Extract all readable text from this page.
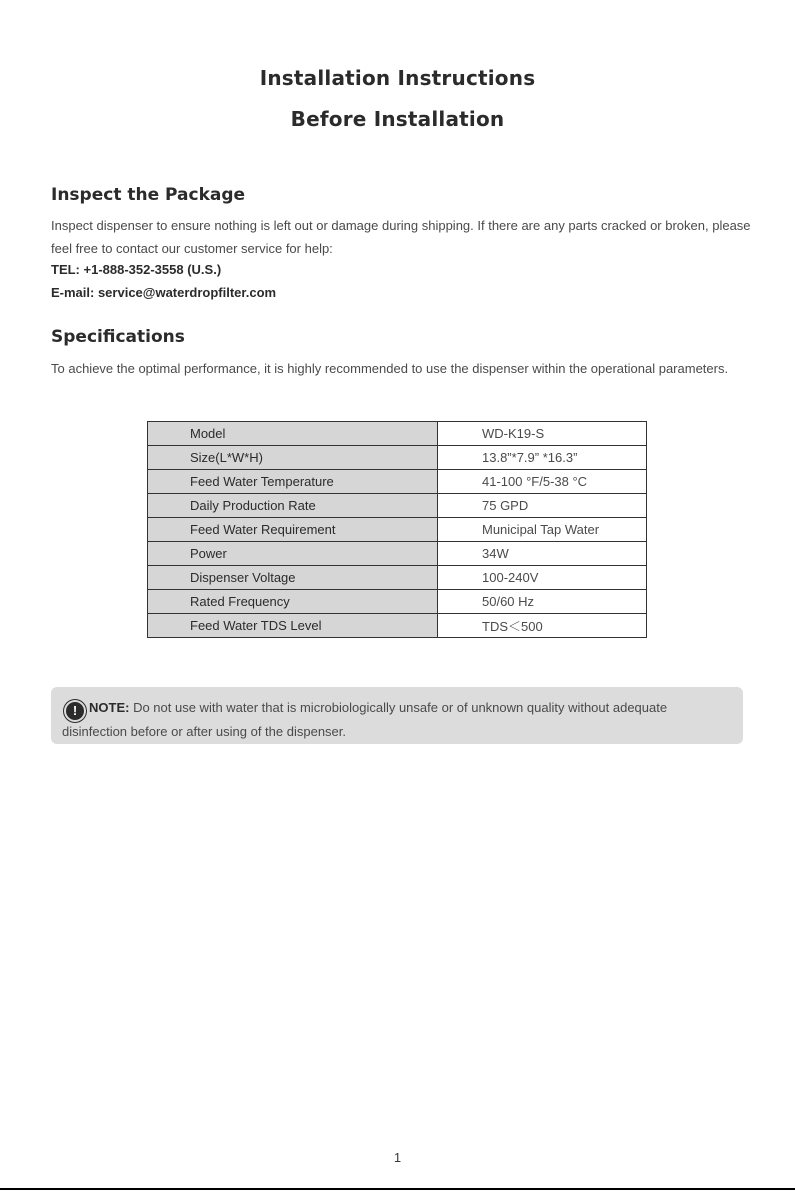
Installation Instructions
Before Installation
Inspect the Package
Inspect dispenser to ensure nothing is left out or damage during shipping. If there are any parts cracked or broken, please feel free to contact our customer service for help:
TEL: +1-888-352-3558 (U.S.)
E-mail: service@waterdropfilter.com
Specifications
To achieve the optimal performance, it is highly recommended to use the dispenser within the operational parameters.
Model	WD-K19-S
Size(L*W*H)	13.8”*7.9” *16.3”
Feed Water Temperature	41-100 °F/5-38 °C
Daily Production Rate	75 GPD
Feed Water Requirement	Municipal Tap Water
Power	34W
Dispenser Voltage	100-240V
Rated Frequency	50/60 Hz
Feed Water TDS Level	TDS＜500
! NOTE: Do not use with water that is microbiologically unsafe or of unknown quality without adequate disinfection before or after using of the dispenser.
1
